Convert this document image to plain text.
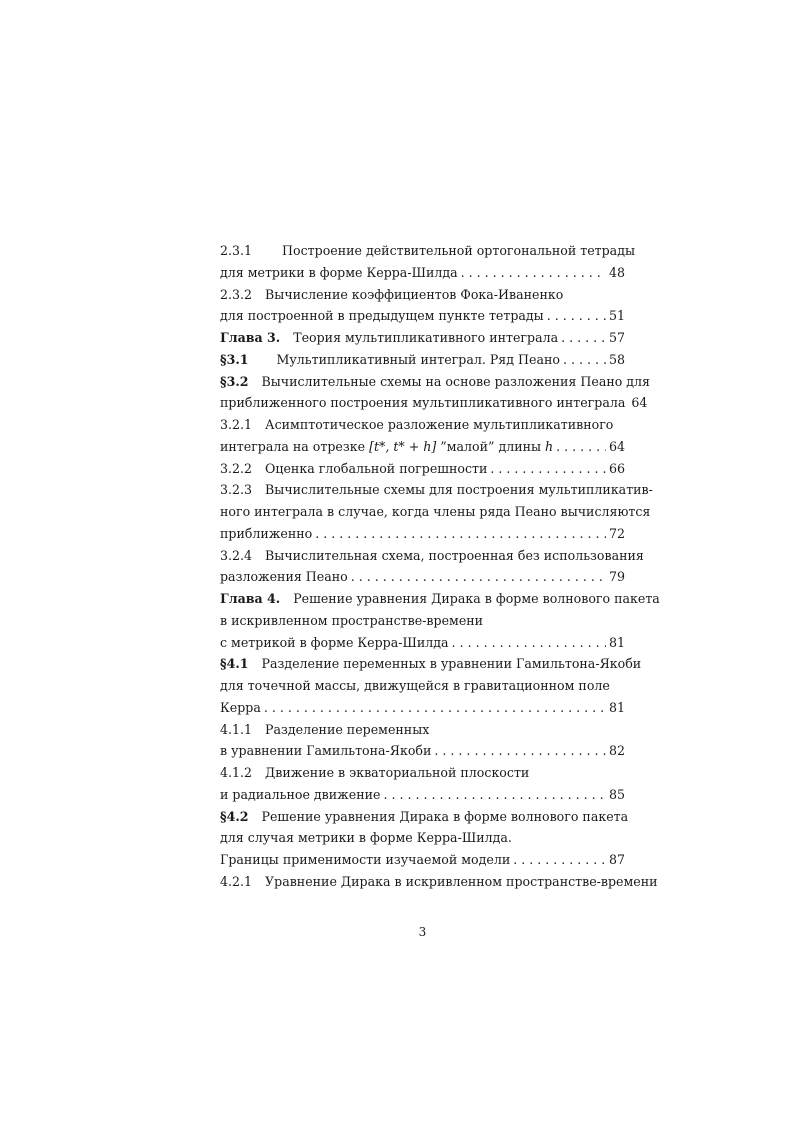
2.3.1 Построение действительной ортогональной тетрады
для метрики в форме Керра-Шилда . . .	48
2.3.2 Вычисление коэффициентов Фока-Иваненко
для построенной в предыдущем пункте тетрады . . .	51
Глава 3. Теория мультипликативного интеграла . . .	57
§3.1 Мультипликативный интеграл. Ряд Пеано . . .	58
§3.2 Вычислительные схемы на основе разложения Пеано для
приближенного построения мультипликативного интеграла 64
3.2.1 Асимптотическое разложение мультипликативного
интеграла на отрезке [t*, t* + h] ”малой” длины h . . .	64
3.2.2 Оценка глобальной погрешности . . .	66
3.2.3 Вычислительные схемы для построения мультипликатив-
ного интеграла в случае, когда члены ряда Пеано вычисляются
приближенно . . .	72
3.2.4 Вычислительная схема, построенная без использования
разложения Пеано . . .	79
Глава 4. Решение уравнения Дирака в форме волнового пакета
в искривленном пространстве-времени
с метрикой в форме Керра-Шилда . . .	81
§4.1 Разделение переменных в уравнении Гамильтона-Якоби
для точечной массы, движущейся в гравитационном поле
Керра . . .	81
4.1.1 Разделение переменных
в уравнении Гамильтона-Якоби . . .	82
4.1.2 Движение в экваториальной плоскости
и радиальное движение . . .	85
§4.2 Решение уравнения Дирака в форме волнового пакета
для случая метрики в форме Керра-Шилда.
Границы применимости изучаемой модели . . .	87
4.2.1 Уравнение Дирака в искривленном пространстве-времени
3
